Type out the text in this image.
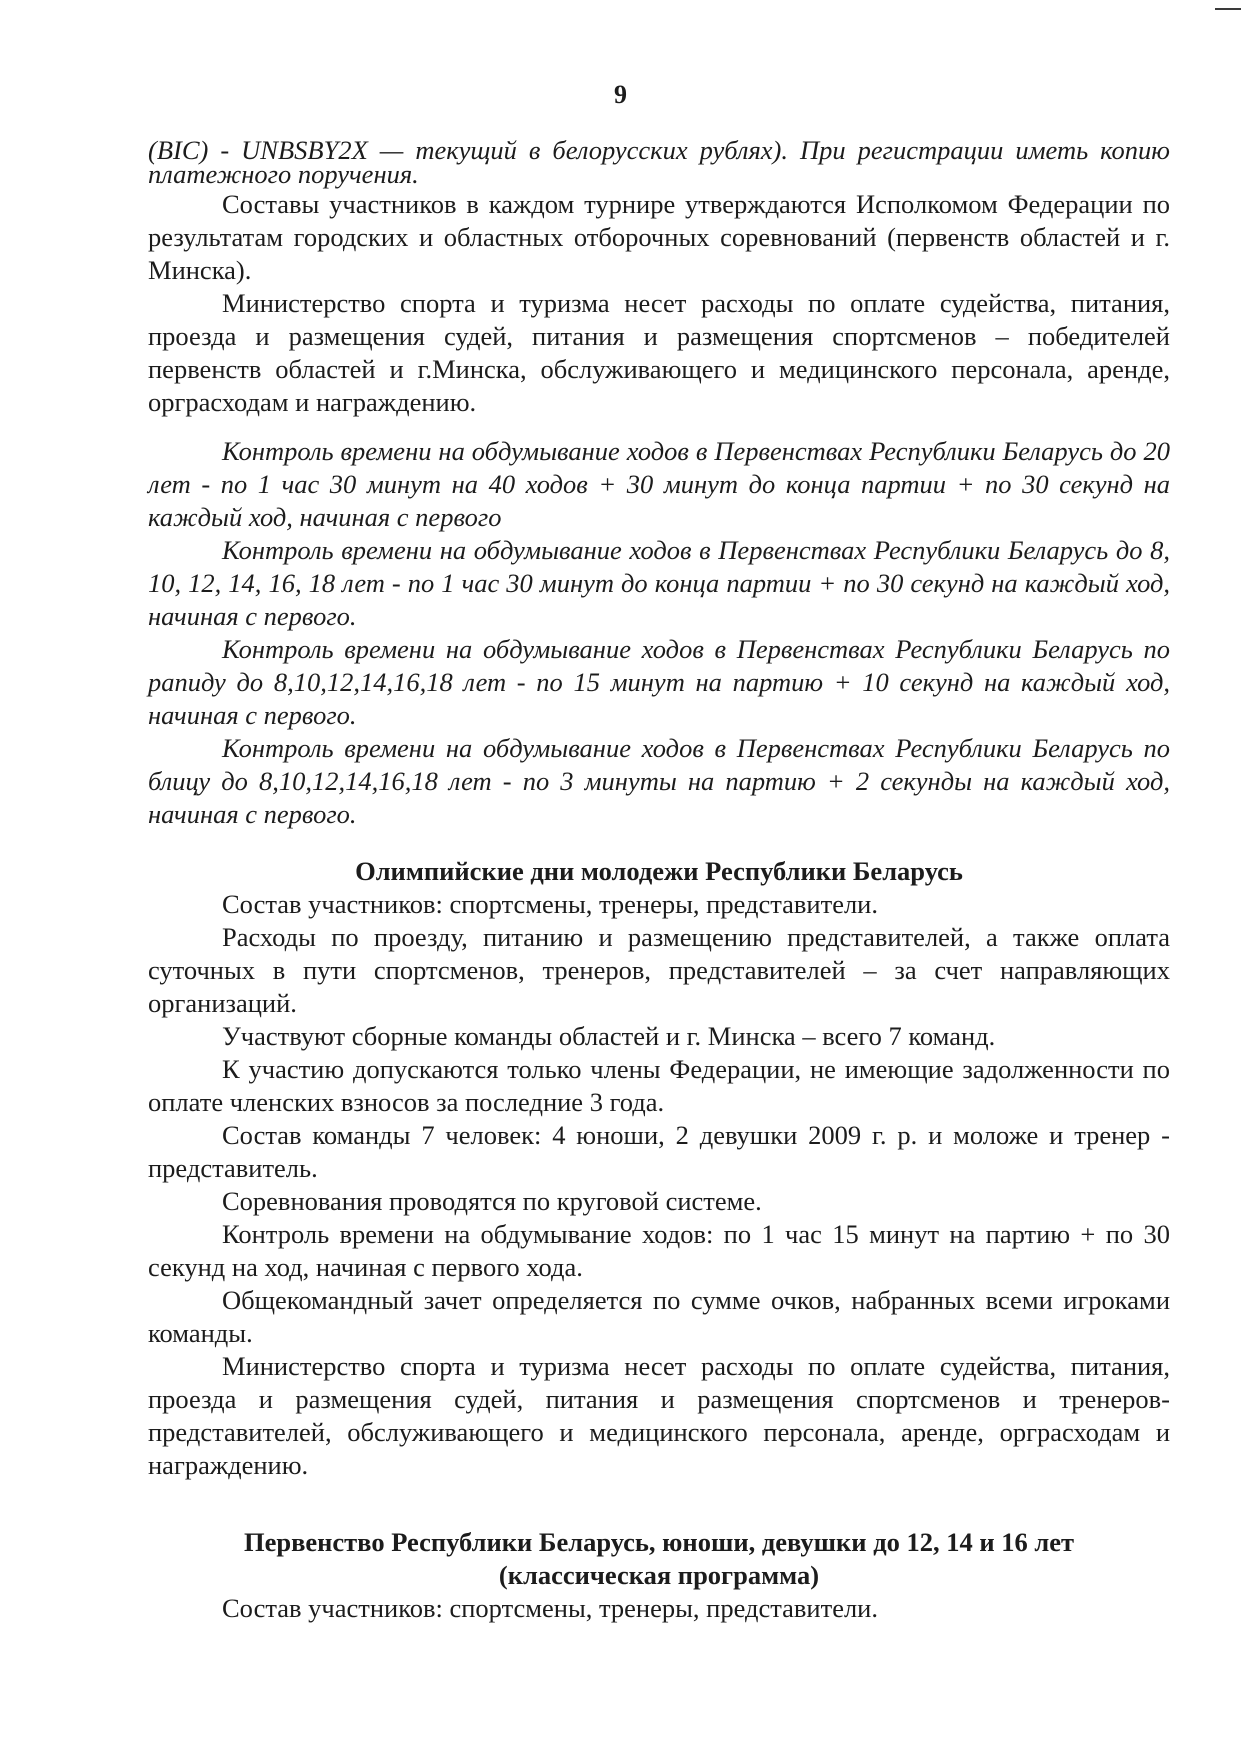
9

(BIC) - UNBSBY2X — текущий в белорусских рублях). При регистрации иметь копию платежного поручения.

Составы участников в каждом турнире утверждаются Исполкомом Федерации по результатам городских и областных отборочных соревнований (первенств областей и г. Минска).

Министерство спорта и туризма несет расходы по оплате судейства, питания, проезда и размещения судей, питания и размещения спортсменов – победителей первенств областей и г.Минска, обслуживающего и медицинского персонала, аренде, орграсходам и награждению.

Контроль времени на обдумывание ходов в Первенствах Республики Беларусь до 20 лет - по 1 час 30 минут на 40 ходов + 30 минут до конца партии + по 30 секунд на каждый ход, начиная с первого

Контроль времени на обдумывание ходов в Первенствах Республики Беларусь до 8, 10, 12, 14, 16, 18 лет - по 1 час 30 минут до конца партии + по 30 секунд на каждый ход, начиная с первого.

Контроль времени на обдумывание ходов в Первенствах Республики Беларусь по рапиду до 8,10,12,14,16,18 лет - по 15 минут на партию + 10 секунд на каждый ход, начиная с первого.

Контроль времени на обдумывание ходов в Первенствах Республики Беларусь по блицу до 8,10,12,14,16,18 лет - по 3 минуты на партию + 2 секунды на каждый ход, начиная с первого.

Олимпийские дни молодежи Республики Беларусь

Состав участников: спортсмены, тренеры, представители.

Расходы по проезду, питанию и размещению представителей, а также оплата суточных в пути спортсменов, тренеров, представителей – за счет направляющих организаций.

Участвуют сборные команды областей и г. Минска – всего 7 команд.

К участию допускаются только члены Федерации, не имеющие задолженности по оплате членских взносов за последние 3 года.

Состав команды 7 человек: 4 юноши, 2 девушки 2009 г. р. и моложе и тренер - представитель.

Соревнования проводятся по круговой системе.

Контроль времени на обдумывание ходов: по 1 час 15 минут на партию + по 30 секунд на ход, начиная с первого хода.

Общекомандный зачет определяется по сумме очков, набранных всеми игроками команды.

Министерство спорта и туризма несет расходы по оплате судейства, питания, проезда и размещения судей, питания и размещения спортсменов и тренеров-представителей, обслуживающего и медицинского персонала, аренде, орграсходам и награждению.

Первенство Республики Беларусь, юноши, девушки до 12, 14 и 16 лет

(классическая программа)

Состав участников: спортсмены, тренеры, представители.
